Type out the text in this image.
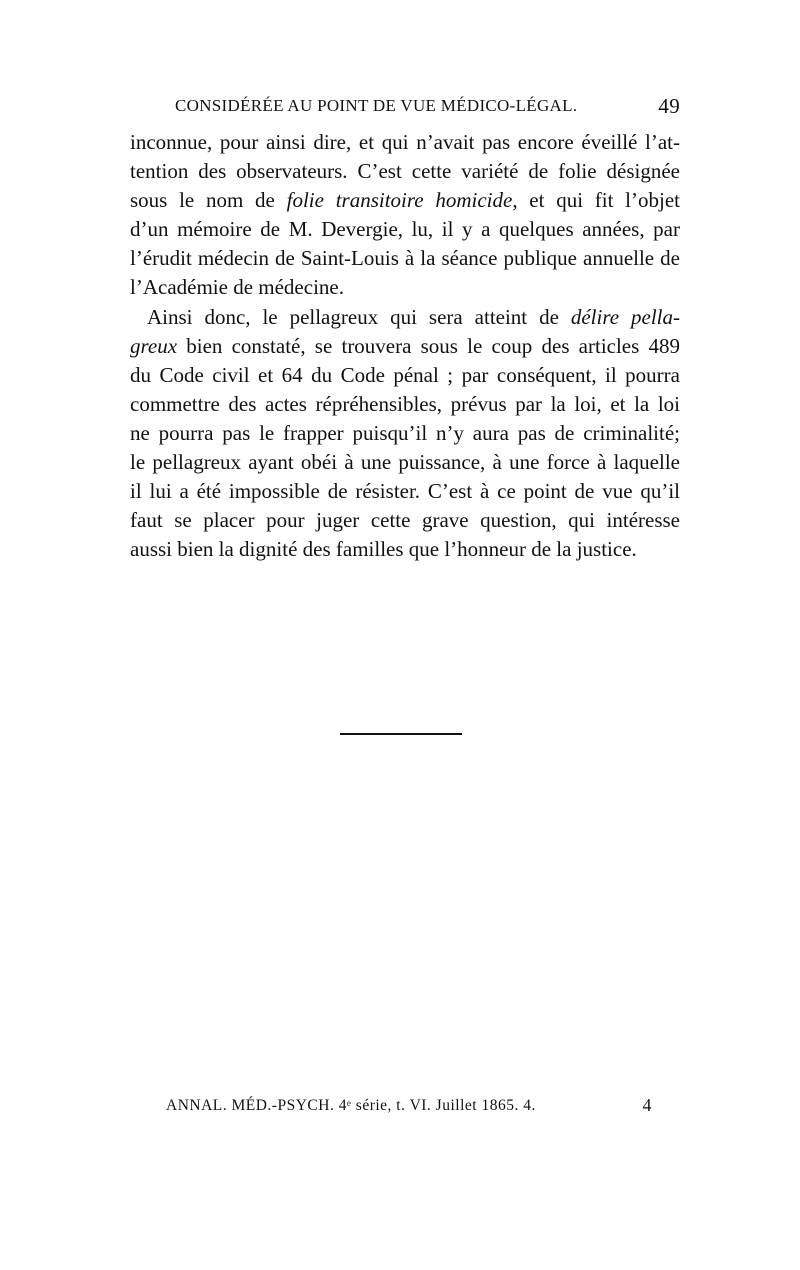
CONSIDÉRÉE AU POINT DE VUE MÉDICO-LÉGAL.	49
inconnue, pour ainsi dire, et qui n’avait pas encore éveillé l’at-
tention des observateurs. C’est cette variété de folie désignée
sous le nom de folie transitoire homicide, et qui fit l’objet
d’un mémoire de M. Devergie, lu, il y a quelques années, par
l’érudit médecin de Saint-Louis à la séance publique annuelle de
l’Académie de médecine.
Ainsi donc, le pellagreux qui sera atteint de délire pella-
greux bien constaté, se trouvera sous le coup des articles 489
du Code civil et 64 du Code pénal ; par conséquent, il pourra
commettre des actes répréhensibles, prévus par la loi, et la loi
ne pourra pas le frapper puisqu’il n’y aura pas de criminalité;
le pellagreux ayant obéi à une puissance, à une force à laquelle
il lui a été impossible de résister. C’est à ce point de vue qu’il
faut se placer pour juger cette grave question, qui intéresse
aussi bien la dignité des familles que l’honneur de la justice.
ANNAL. MÉD.-PSYCH. 4ᵉ série, t. VI. Juillet 1865. 4.	4
